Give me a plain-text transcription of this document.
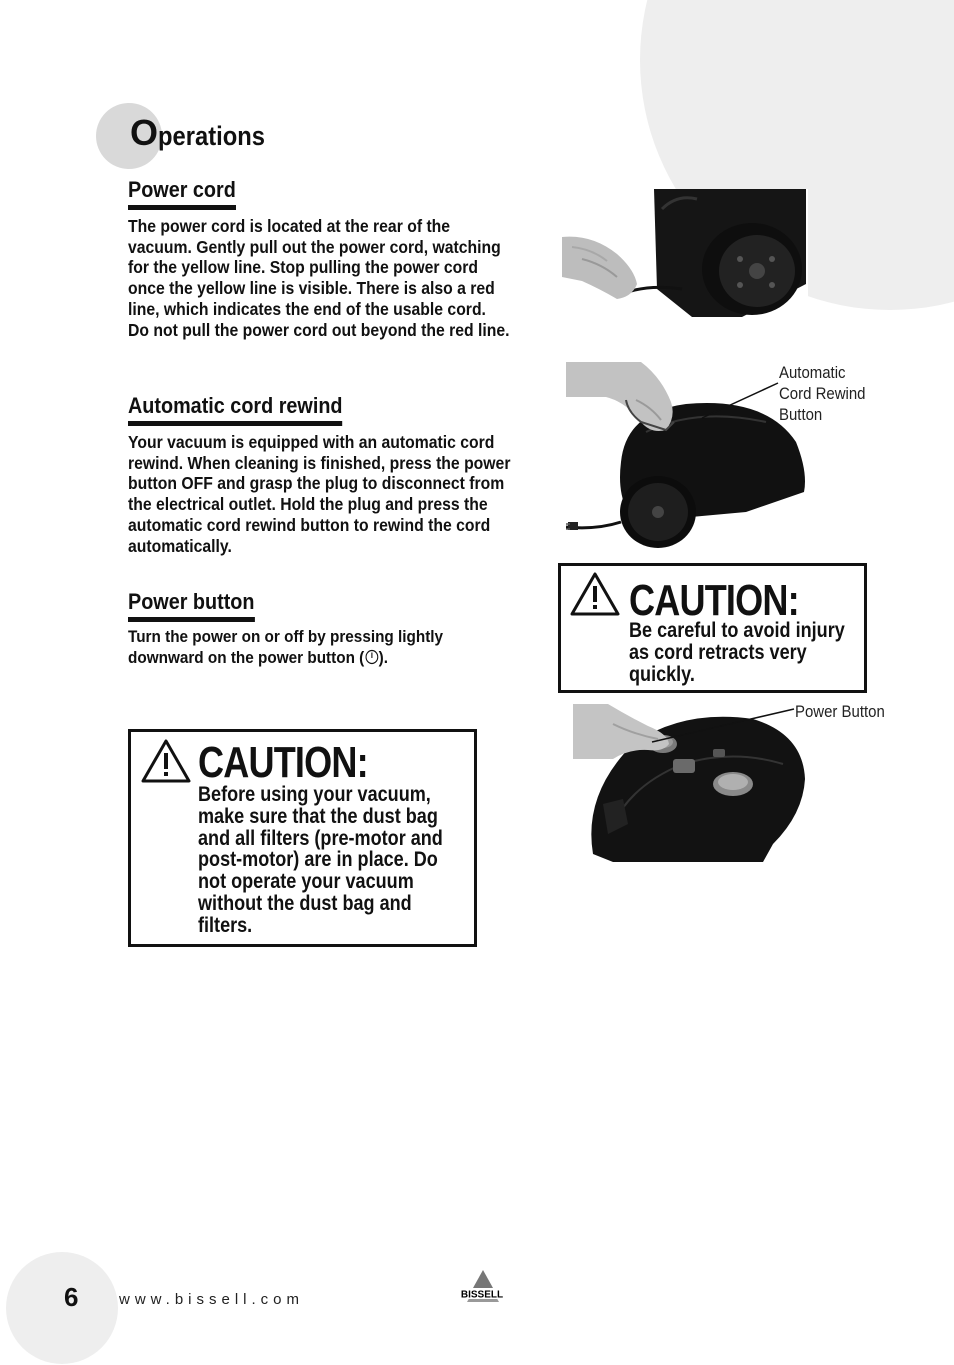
Operations
Power cord
The power cord is located at the rear of the vacuum. Gently pull out the power cord, watching for the yellow line. Stop pulling the power cord once the yellow line is visible. There is also a red line, which indicates the end of the usable cord. Do not pull the power cord out beyond the red line.
Automatic cord rewind
Your vacuum is equipped with an automatic cord rewind. When cleaning is finished, press the power button OFF and grasp the plug to disconnect from the electrical outlet. Hold the plug and press the automatic cord rewind button to rewind the cord automatically.
Power button
Turn the power on or off by pressing lightly downward on the power button ( ).
CAUTION:
Before using your vacuum, make sure that the dust bag and all filters (pre-motor and post-motor) are in place. Do not operate your vacuum without the dust bag and filters.
CAUTION:
Be careful to avoid injury as cord retracts very quickly.
Automatic
Cord Rewind
Button
Power Button
6	www.bissell.com	BISSELL
